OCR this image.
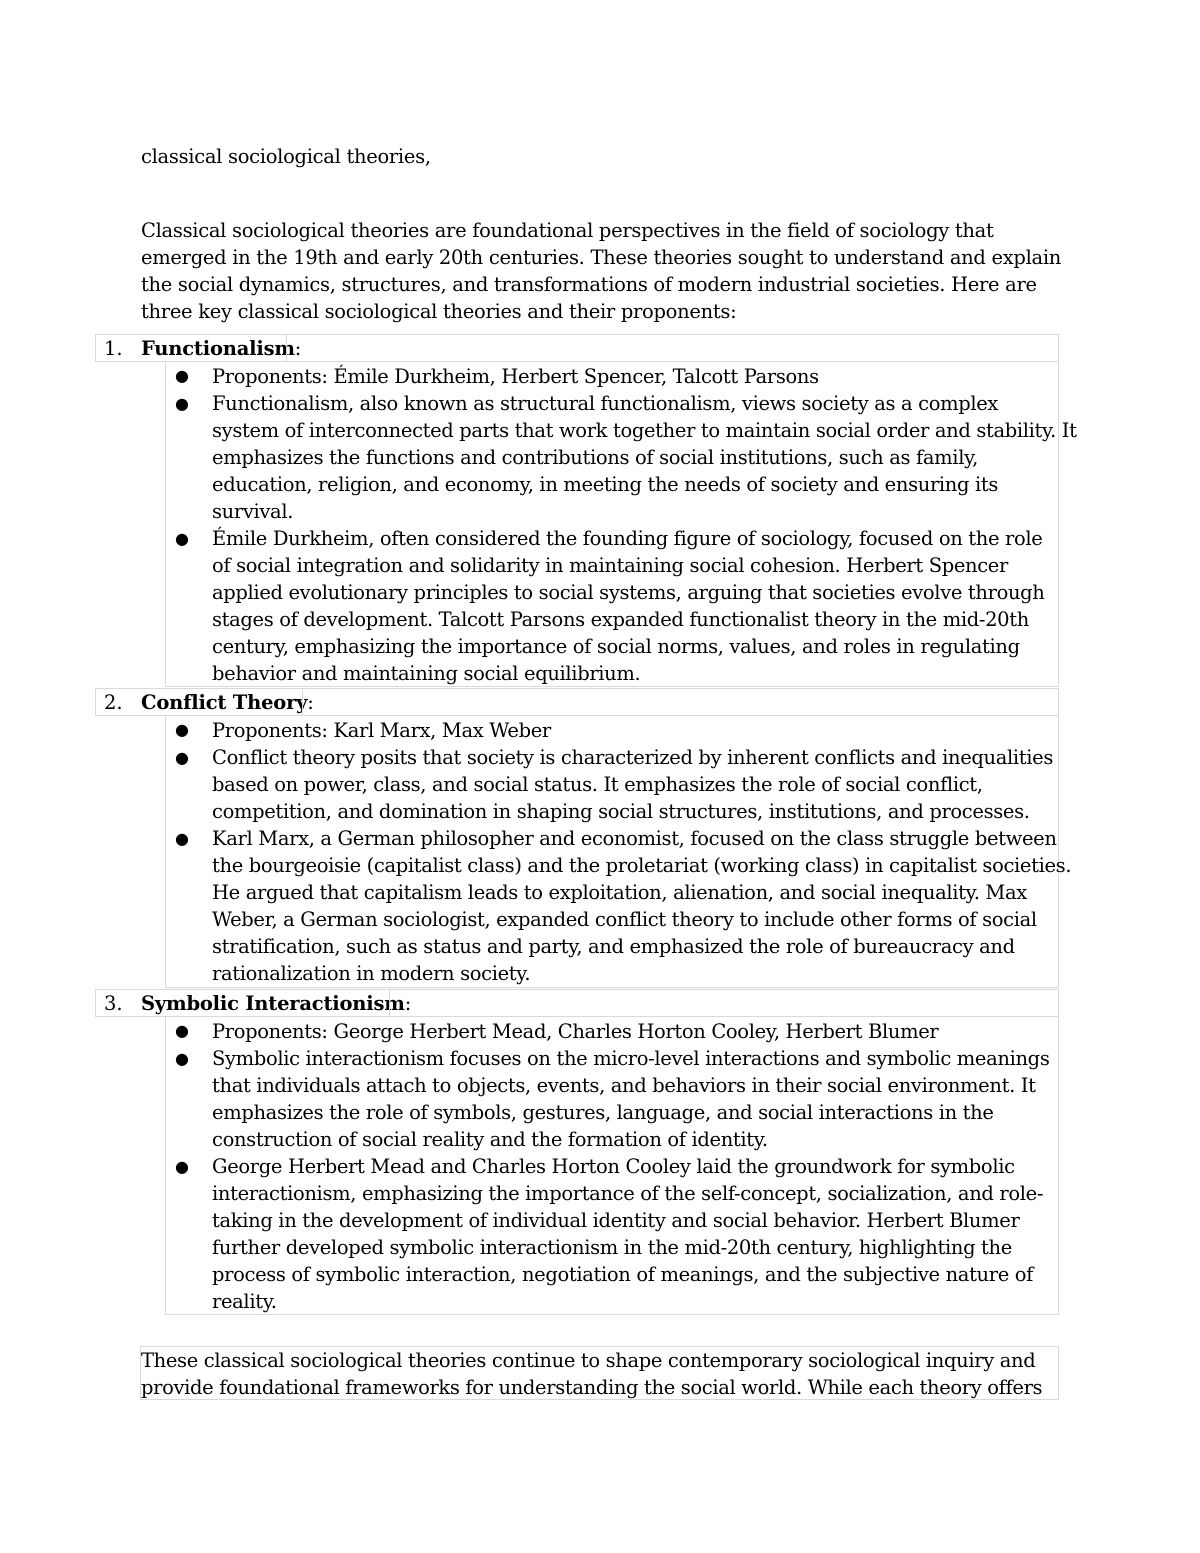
classical sociological theories,
Classical sociological theories are foundational perspectives in the field of sociology that
emerged in the 19th and early 20th centuries. These theories sought to understand and explain
the social dynamics, structures, and transformations of modern industrial societies. Here are
three key classical sociological theories and their proponents:
1. Functionalism:
● Proponents: Émile Durkheim, Herbert Spencer, Talcott Parsons
● Functionalism, also known as structural functionalism, views society as a complex
system of interconnected parts that work together to maintain social order and stability. It
emphasizes the functions and contributions of social institutions, such as family,
education, religion, and economy, in meeting the needs of society and ensuring its
survival.
● Émile Durkheim, often considered the founding figure of sociology, focused on the role
of social integration and solidarity in maintaining social cohesion. Herbert Spencer
applied evolutionary principles to social systems, arguing that societies evolve through
stages of development. Talcott Parsons expanded functionalist theory in the mid-20th
century, emphasizing the importance of social norms, values, and roles in regulating
behavior and maintaining social equilibrium.
2. Conflict Theory:
● Proponents: Karl Marx, Max Weber
● Conflict theory posits that society is characterized by inherent conflicts and inequalities
based on power, class, and social status. It emphasizes the role of social conflict,
competition, and domination in shaping social structures, institutions, and processes.
● Karl Marx, a German philosopher and economist, focused on the class struggle between
the bourgeoisie (capitalist class) and the proletariat (working class) in capitalist societies.
He argued that capitalism leads to exploitation, alienation, and social inequality. Max
Weber, a German sociologist, expanded conflict theory to include other forms of social
stratification, such as status and party, and emphasized the role of bureaucracy and
rationalization in modern society.
3. Symbolic Interactionism:
● Proponents: George Herbert Mead, Charles Horton Cooley, Herbert Blumer
● Symbolic interactionism focuses on the micro-level interactions and symbolic meanings
that individuals attach to objects, events, and behaviors in their social environment. It
emphasizes the role of symbols, gestures, language, and social interactions in the
construction of social reality and the formation of identity.
● George Herbert Mead and Charles Horton Cooley laid the groundwork for symbolic
interactionism, emphasizing the importance of the self-concept, socialization, and role-
taking in the development of individual identity and social behavior. Herbert Blumer
further developed symbolic interactionism in the mid-20th century, highlighting the
process of symbolic interaction, negotiation of meanings, and the subjective nature of
reality.
These classical sociological theories continue to shape contemporary sociological inquiry and
provide foundational frameworks for understanding the social world. While each theory offers
